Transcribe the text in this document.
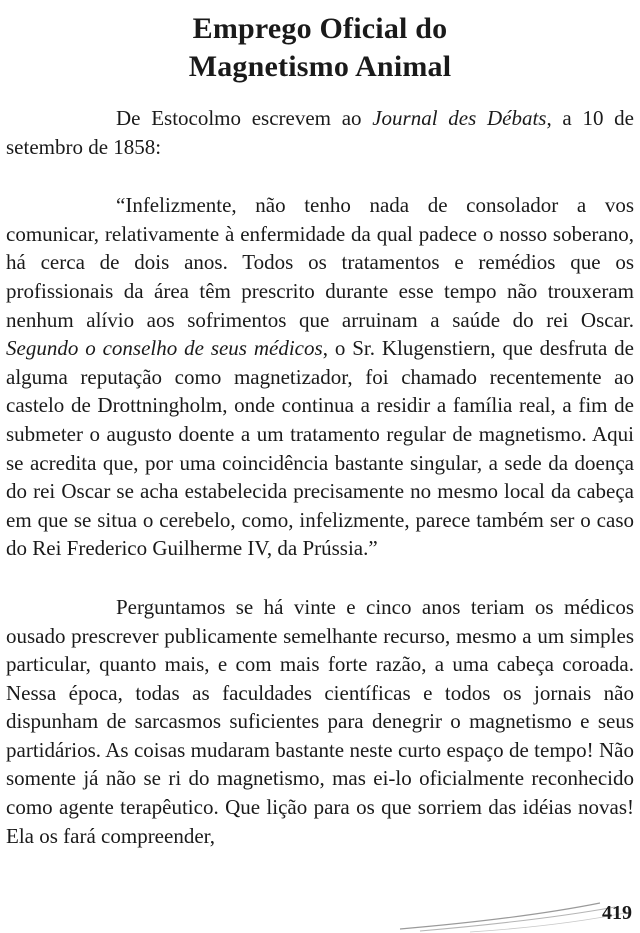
Emprego Oficial do
Magnetismo Animal

De Estocolmo escrevem ao Journal des Débats, a 10 de setembro de 1858:

“Infelizmente, não tenho nada de consolador a vos comunicar, relativamente à enfermidade da qual padece o nosso soberano, há cerca de dois anos. Todos os tratamentos e remédios que os profissionais da área têm prescrito durante esse tempo não trouxeram nenhum alívio aos sofrimentos que arruinam a saúde do rei Oscar. Segundo o conselho de seus médicos, o Sr. Klugenstiern, que desfruta de alguma reputação como magnetizador, foi chamado recentemente ao castelo de Drottningholm, onde continua a residir a família real, a fim de submeter o augusto doente a um tratamento regular de magnetismo. Aqui se acredita que, por uma coincidência bastante singular, a sede da doença do rei Oscar se acha estabelecida precisamente no mesmo local da cabeça em que se situa o cerebelo, como, infelizmente, parece também ser o caso do Rei Frederico Guilherme IV, da Prússia.”

Perguntamos se há vinte e cinco anos teriam os médicos ousado prescrever publicamente semelhante recurso, mesmo a um simples particular, quanto mais, e com mais forte razão, a uma cabeça coroada. Nessa época, todas as faculdades científicas e todos os jornais não dispunham de sarcasmos suficientes para denegrir o magnetismo e seus partidários. As coisas mudaram bastante neste curto espaço de tempo! Não somente já não se ri do magnetismo, mas ei-lo oficialmente reconhecido como agente terapêutico. Que lição para os que sorriem das idéias novas! Ela os fará compreender,

419
